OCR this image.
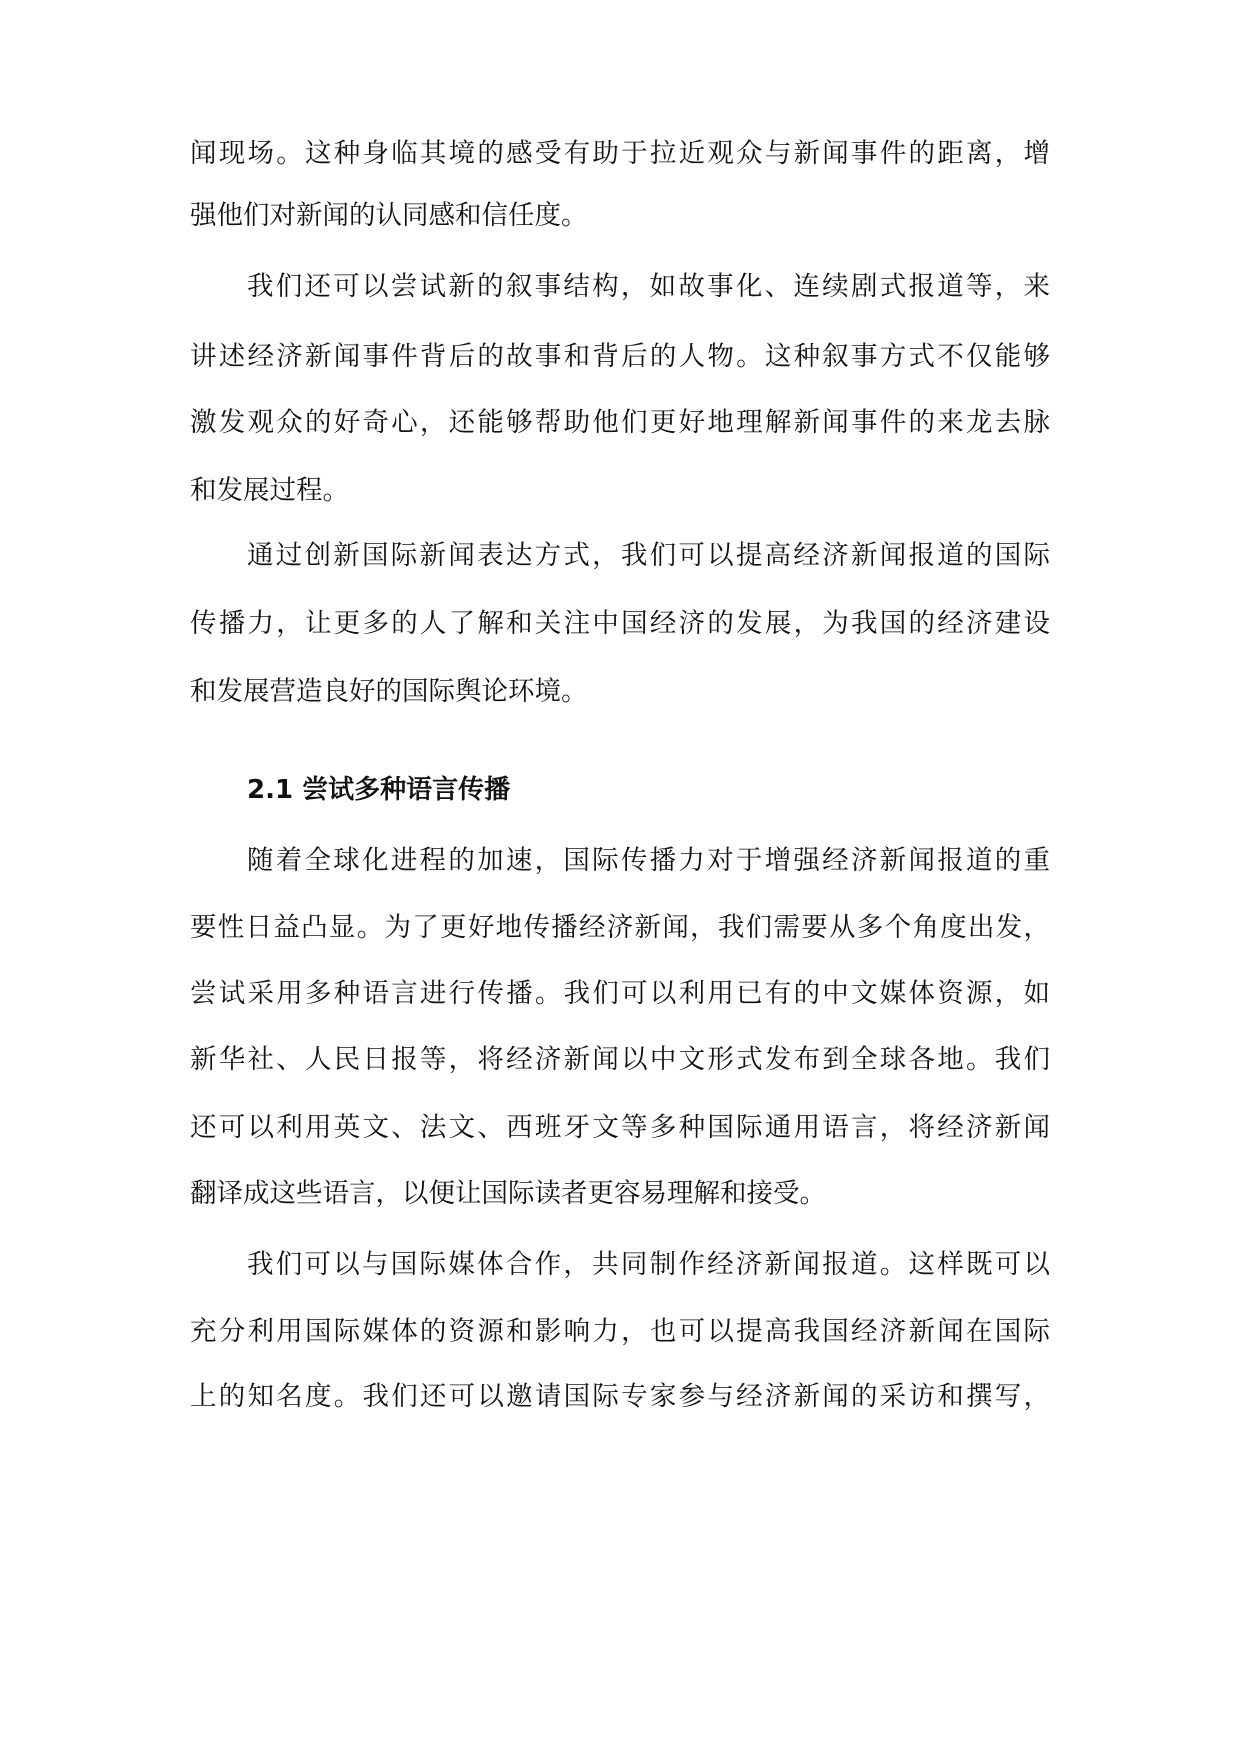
闻现场。这种身临其境的感受有助于拉近观众与新闻事件的距离，增

强他们对新闻的认同感和信任度。

我们还可以尝试新的叙事结构，如故事化、连续剧式报道等，来

讲述经济新闻事件背后的故事和背后的人物。这种叙事方式不仅能够

激发观众的好奇心，还能够帮助他们更好地理解新闻事件的来龙去脉

和发展过程。

通过创新国际新闻表达方式，我们可以提高经济新闻报道的国际

传播力，让更多的人了解和关注中国经济的发展，为我国的经济建设

和发展营造良好的国际舆论环境。

2.1 尝试多种语言传播

随着全球化进程的加速，国际传播力对于增强经济新闻报道的重

要性日益凸显。为了更好地传播经济新闻，我们需要从多个角度出发，

尝试采用多种语言进行传播。我们可以利用已有的中文媒体资源，如

新华社、人民日报等，将经济新闻以中文形式发布到全球各地。我们

还可以利用英文、法文、西班牙文等多种国际通用语言，将经济新闻

翻译成这些语言，以便让国际读者更容易理解和接受。

我们可以与国际媒体合作，共同制作经济新闻报道。这样既可以

充分利用国际媒体的资源和影响力，也可以提高我国经济新闻在国际

上的知名度。我们还可以邀请国际专家参与经济新闻的采访和撰写，
